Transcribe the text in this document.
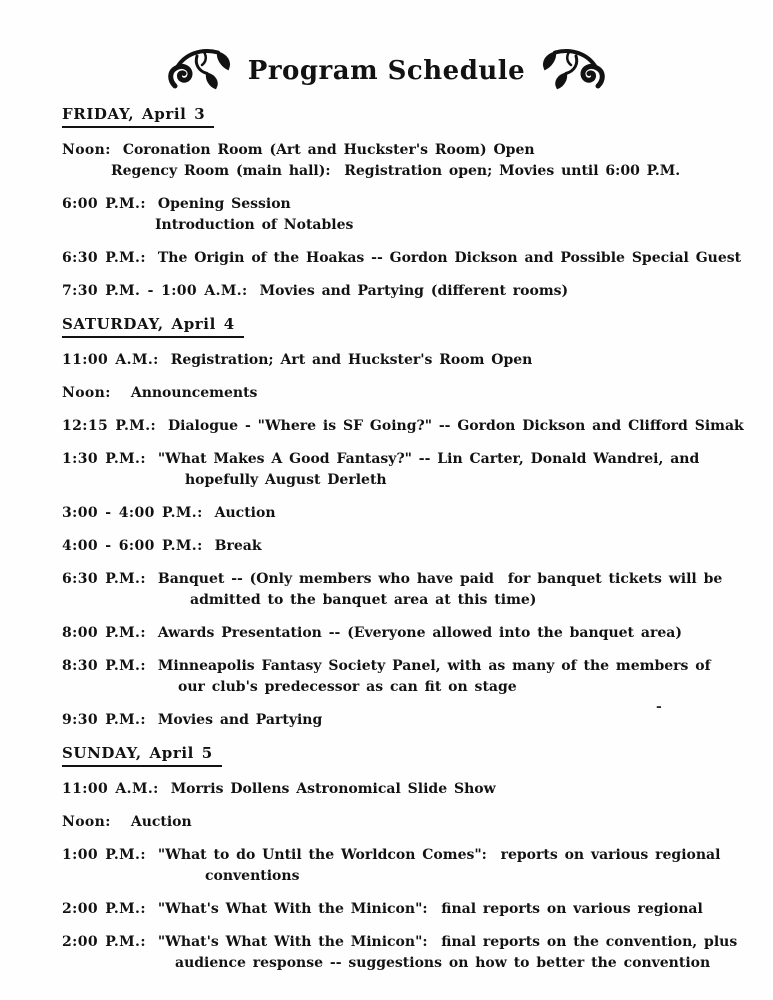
Program Schedule
FRIDAY, April 3
Noon: Coronation Room (Art and Huckster's Room) Open
Regency Room (main hall):  Registration open; Movies until 6:00 P.M.
6:00 P.M.: Opening Session
Introduction of Notables
6:30 P.M.: The Origin of the Hoakas -- Gordon Dickson and Possible Special Guest
7:30 P.M. - 1:00 A.M.: Movies and Partying (different rooms)
SATURDAY, April 4
11:00 A.M.: Registration; Art and Huckster's Room Open
Noon: Announcements
12:15 P.M.: Dialogue - "Where is SF Going?" -- Gordon Dickson and Clifford Simak
1:30 P.M.: "What Makes A Good Fantasy?" -- Lin Carter, Donald Wandrei, and
hopefully August Derleth
3:00 - 4:00 P.M.: Auction
4:00 - 6:00 P.M.: Break
6:30 P.M.: Banquet -- (Only members who have paid  for banquet tickets will be
admitted to the banquet area at this time)
8:00 P.M.: Awards Presentation -- (Everyone allowed into the banquet area)
8:30 P.M.: Minneapolis Fantasy Society Panel, with as many of the members of
our club's predecessor as can fit on stage
9:30 P.M.: Movies and Partying
SUNDAY, April 5
11:00 A.M.: Morris Dollens Astronomical Slide Show
Noon: Auction
1:00 P.M.: "What to do Until the Worldcon Comes":  reports on various regional
conventions
2:00 P.M.: "What's What With the Minicon":  final reports on various regional
2:00 P.M.: "What's What With the Minicon":  final reports on the convention, plus
audience response -- suggestions on how to better the convention
-
